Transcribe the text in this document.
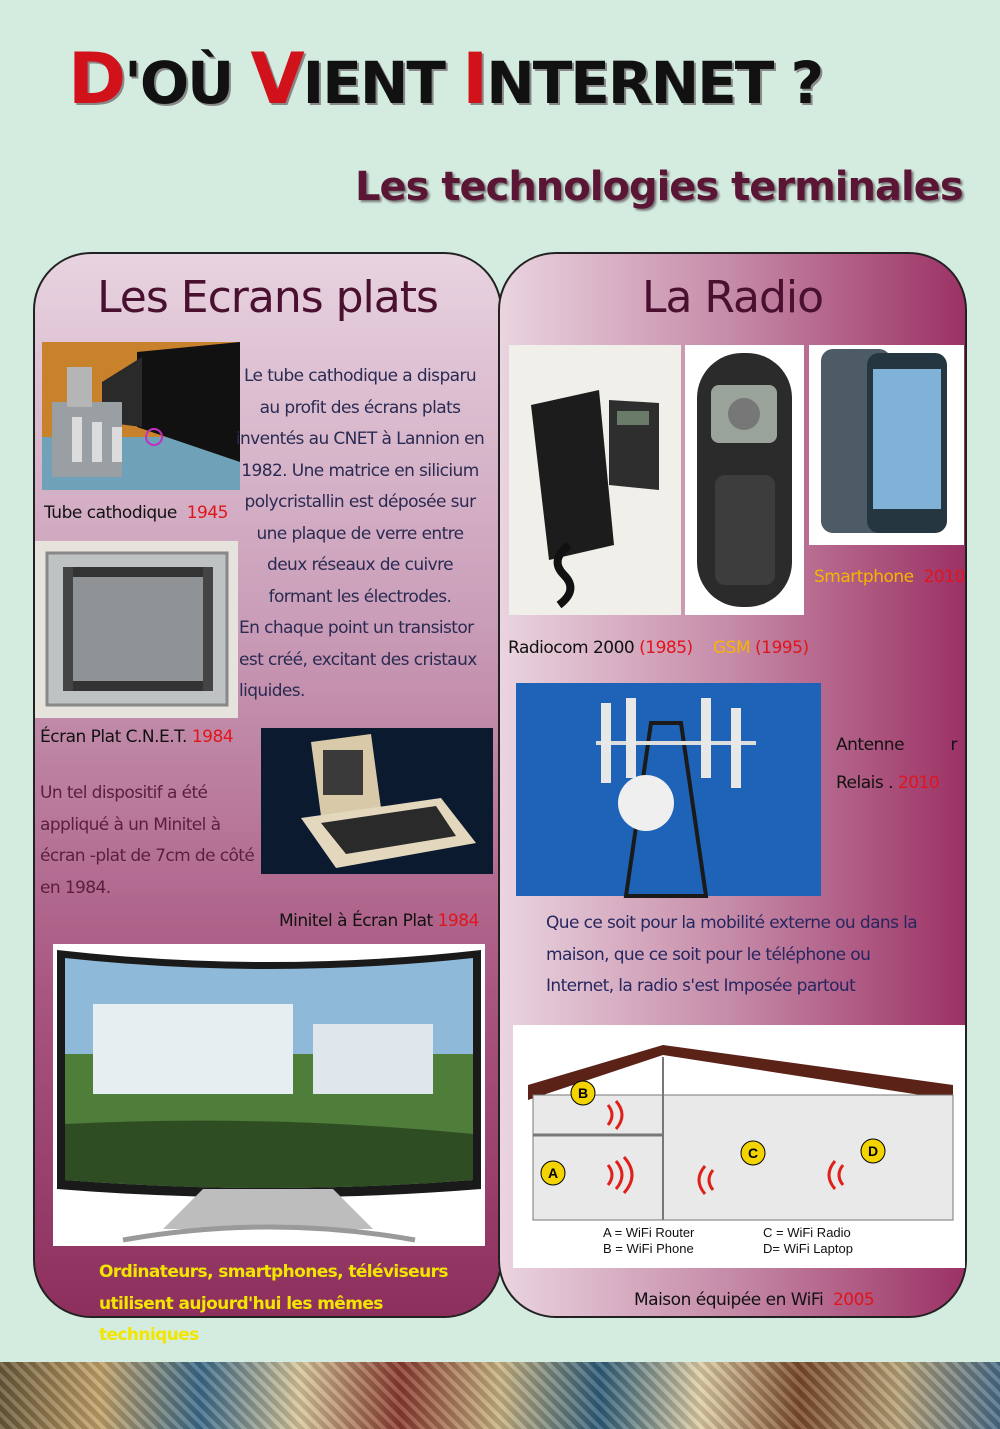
D'OÙ VIENT INTERNET ?
Les technologies terminales
Les Ecrans plats
Tube cathodique 1945
Écran Plat C.N.E.T. 1984
Le tube cathodique a disparu au profit des écrans plats inventés au CNET à Lannion en 1982. Une matrice en silicium polycristallin est déposée sur une plaque de verre entre deux réseaux de cuivre formant les électrodes.
En chaque point un transistor est créé, excitant des cristaux liquides.
Un tel dispositif a été appliqué à un Minitel à écran -plat de 7cm de côté en 1984.
Minitel à Écran Plat 1984
Ordinateurs, smartphones, téléviseurs utilisent aujourd'hui les mêmes techniques
La Radio
Smartphone 2010
Radiocom 2000 (1985) GSM (1995)
Antenne	r
Relais . 2010
Que ce soit pour la mobilité externe ou dans la maison, que ce soit pour le téléphone ou Internet, la radio s'est Imposée partout
B
A
C	D
A = WiFi Router
B = WiFi Phone
C = WiFi Radio
D= WiFi Laptop
Maison équipée en WiFi 2005
